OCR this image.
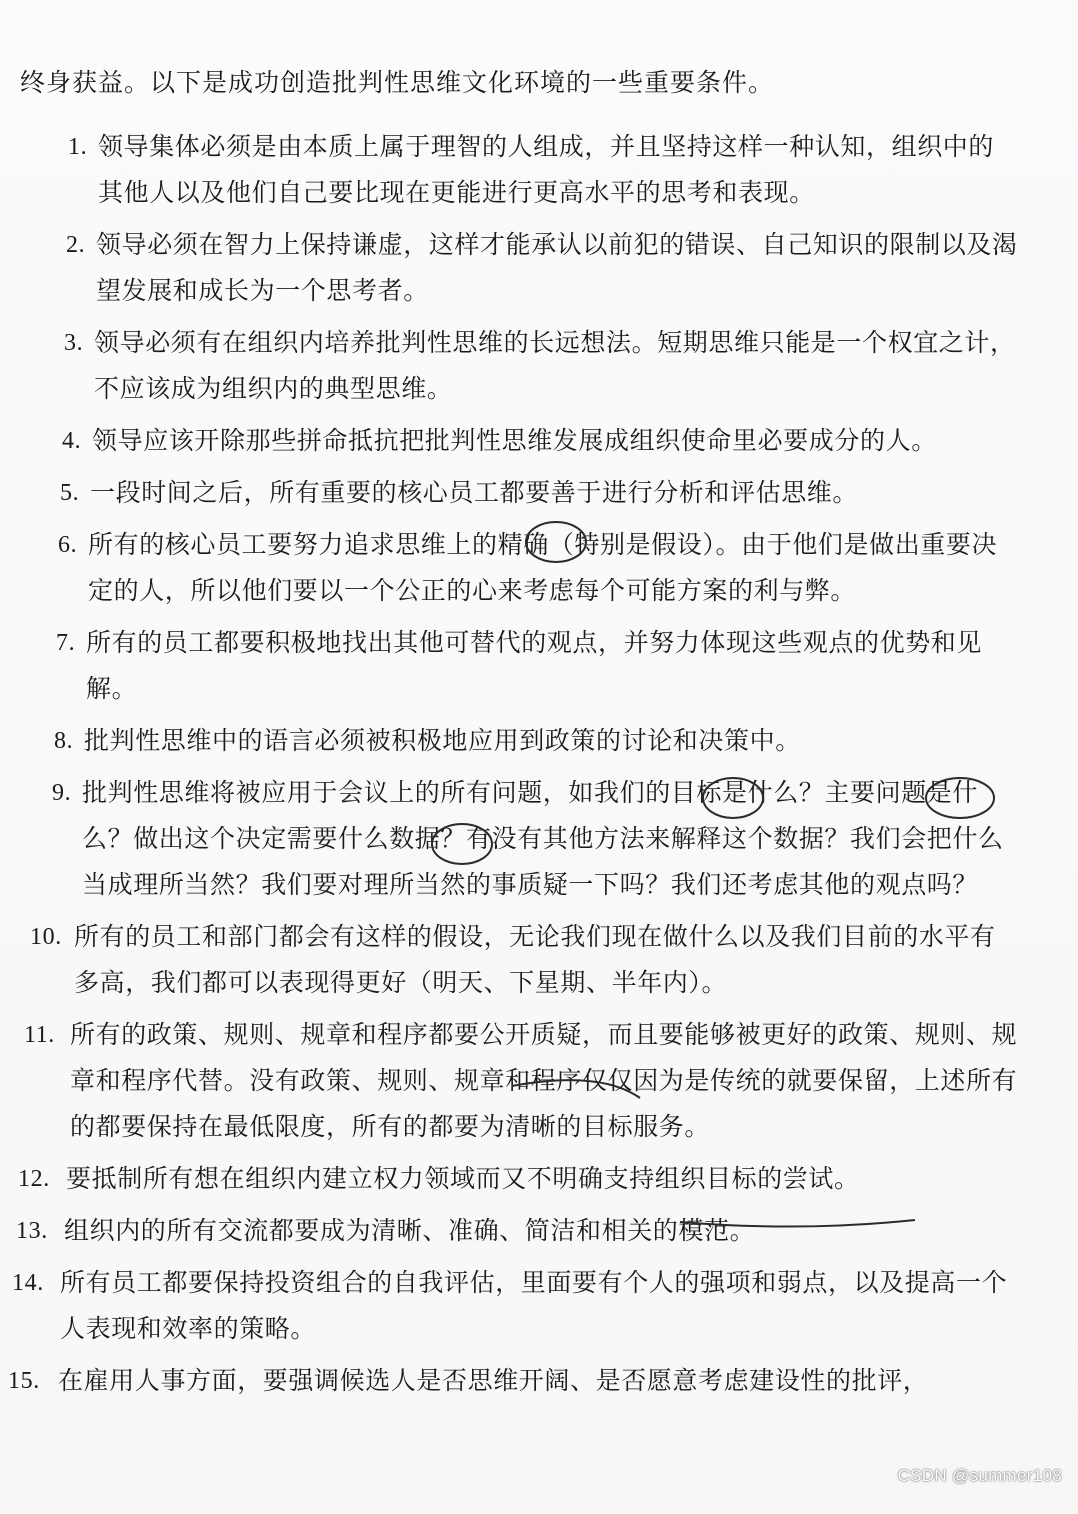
终身获益。以下是成功创造批判性思维文化环境的一些重要条件。
1. 领导集体必须是由本质上属于理智的人组成，并且坚持这样一种认知，组织中的其他人以及他们自己要比现在更能进行更高水平的思考和表现。
2. 领导必须在智力上保持谦虚，这样才能承认以前犯的错误、自己知识的限制以及渴望发展和成长为一个思考者。
3. 领导必须有在组织内培养批判性思维的长远想法。短期思维只能是一个权宜之计，不应该成为组织内的典型思维。
4. 领导应该开除那些拼命抵抗把批判性思维发展成组织使命里必要成分的人。
5. 一段时间之后，所有重要的核心员工都要善于进行分析和评估思维。
6. 所有的核心员工要努力追求思维上的精确（特别是假设）。由于他们是做出重要决定的人，所以他们要以一个公正的心来考虑每个可能方案的利与弊。
7. 所有的员工都要积极地找出其他可替代的观点，并努力体现这些观点的优势和见解。
8. 批判性思维中的语言必须被积极地应用到政策的讨论和决策中。
9. 批判性思维将被应用于会议上的所有问题，如我们的目标是什么？主要问题是什么？做出这个决定需要什么数据？有没有其他方法来解释这个数据？我们会把什么当成理所当然？我们要对理所当然的事质疑一下吗？我们还考虑其他的观点吗？
10. 所有的员工和部门都会有这样的假设，无论我们现在做什么以及我们目前的水平有多高，我们都可以表现得更好（明天、下星期、半年内）。
11. 所有的政策、规则、规章和程序都要公开质疑，而且要能够被更好的政策、规则、规章和程序代替。没有政策、规则、规章和程序仅仅因为是传统的就要保留，上述所有的都要保持在最低限度，所有的都要为清晰的目标服务。
12. 要抵制所有想在组织内建立权力领域而又不明确支持组织目标的尝试。
13. 组织内的所有交流都要成为清晰、准确、简洁和相关的模范。
14. 所有员工都要保持投资组合的自我评估，里面要有个人的强项和弱点，以及提高一个人表现和效率的策略。
15. 在雇用人事方面，要强调候选人是否思维开阔、是否愿意考虑建设性的批评，
CSDN @summer108
